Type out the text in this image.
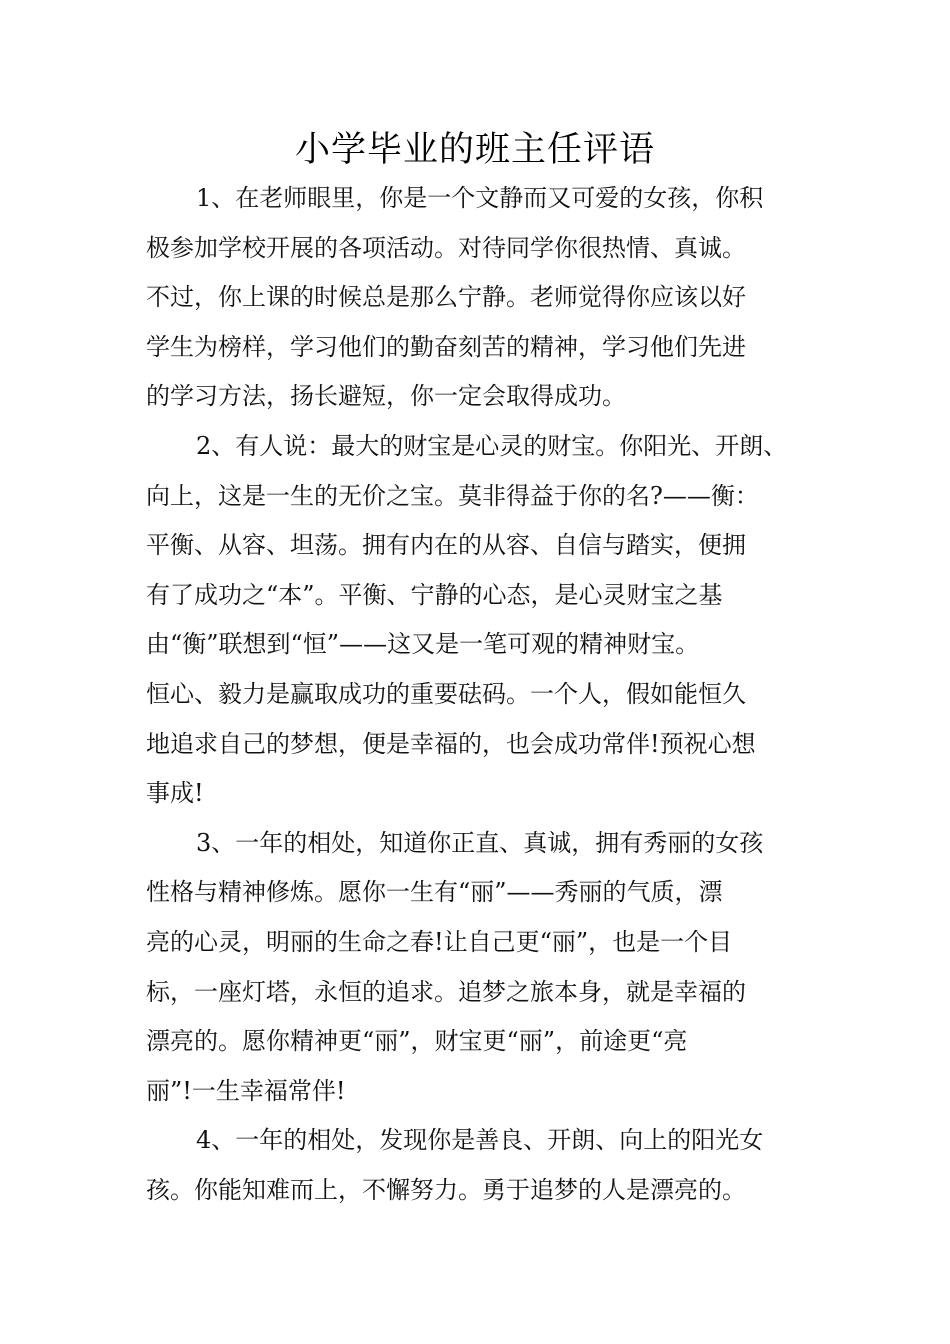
小学毕业的班主任评语
1、在老师眼里，你是一个文静而又可爱的女孩，你积
极参加学校开展的各项活动。对待同学你很热情、真诚。
不过，你上课的时候总是那么宁静。老师觉得你应该以好
学生为榜样，学习他们的勤奋刻苦的精神，学习他们先进
的学习方法，扬长避短，你一定会取得成功。
2、有人说：最大的财宝是心灵的财宝。你阳光、开朗、
向上，这是一生的无价之宝。莫非得益于你的名?——衡：
平衡、从容、坦荡。拥有内在的从容、自信与踏实，便拥
有了成功之“本”。平衡、宁静的心态，是心灵财宝之基
由“衡”联想到“恒”——这又是一笔可观的精神财宝。
恒心、毅力是赢取成功的重要砝码。一个人，假如能恒久
地追求自己的梦想，便是幸福的，也会成功常伴!预祝心想
事成!
3、一年的相处，知道你正直、真诚，拥有秀丽的女孩
性格与精神修炼。愿你一生有“丽”——秀丽的气质，漂
亮的心灵，明丽的生命之春!让自己更“丽”，也是一个目
标，一座灯塔，永恒的追求。追梦之旅本身，就是幸福的
漂亮的。愿你精神更“丽”，财宝更“丽”，前途更“亮
丽”!一生幸福常伴!
4、一年的相处，发现你是善良、开朗、向上的阳光女
孩。你能知难而上，不懈努力。勇于追梦的人是漂亮的。
